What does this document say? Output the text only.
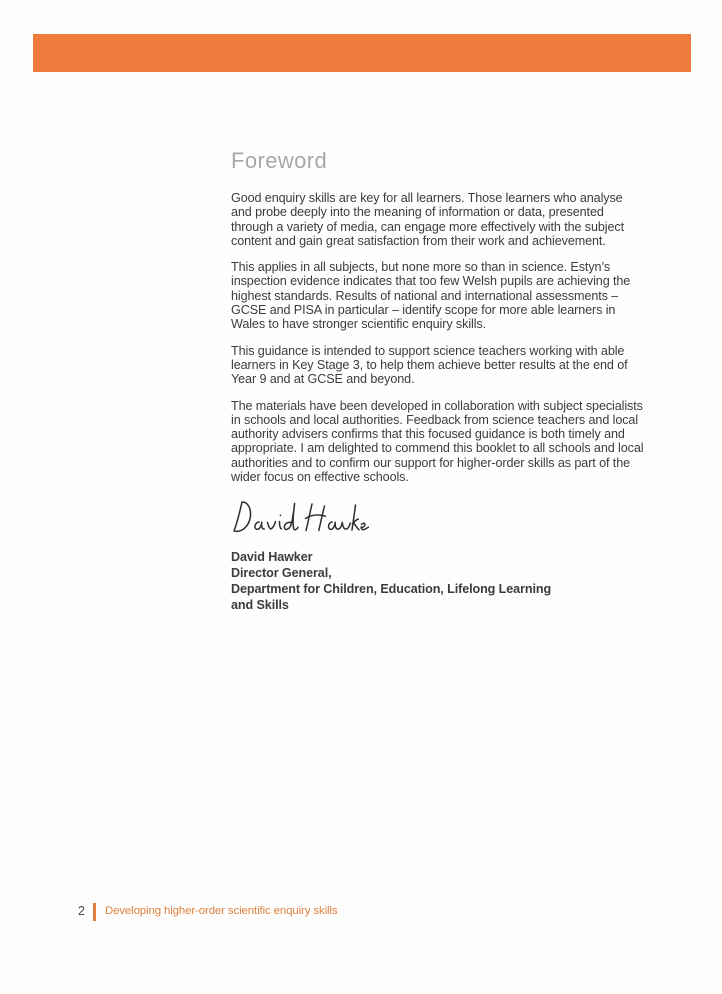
Foreword

Good enquiry skills are key for all learners. Those learners who analyse and probe deeply into the meaning of information or data, presented through a variety of media, can engage more effectively with the subject content and gain great satisfaction from their work and achievement.

This applies in all subjects, but none more so than in science. Estyn’s inspection evidence indicates that too few Welsh pupils are achieving the highest standards. Results of national and international assessments – GCSE and PISA in particular – identify scope for more able learners in Wales to have stronger scientific enquiry skills.

This guidance is intended to support science teachers working with able learners in Key Stage 3, to help them achieve better results at the end of Year 9 and at GCSE and beyond.

The materials have been developed in collaboration with subject specialists in schools and local authorities. Feedback from science teachers and local authority advisers confirms that this focused guidance is both timely and appropriate. I am delighted to commend this booklet to all schools and local authorities and to confirm our support for higher-order skills as part of the wider focus on effective schools.

David Hawker
Director General,
Department for Children, Education, Lifelong Learning
and Skills
2 Developing higher-order scientific enquiry skills
